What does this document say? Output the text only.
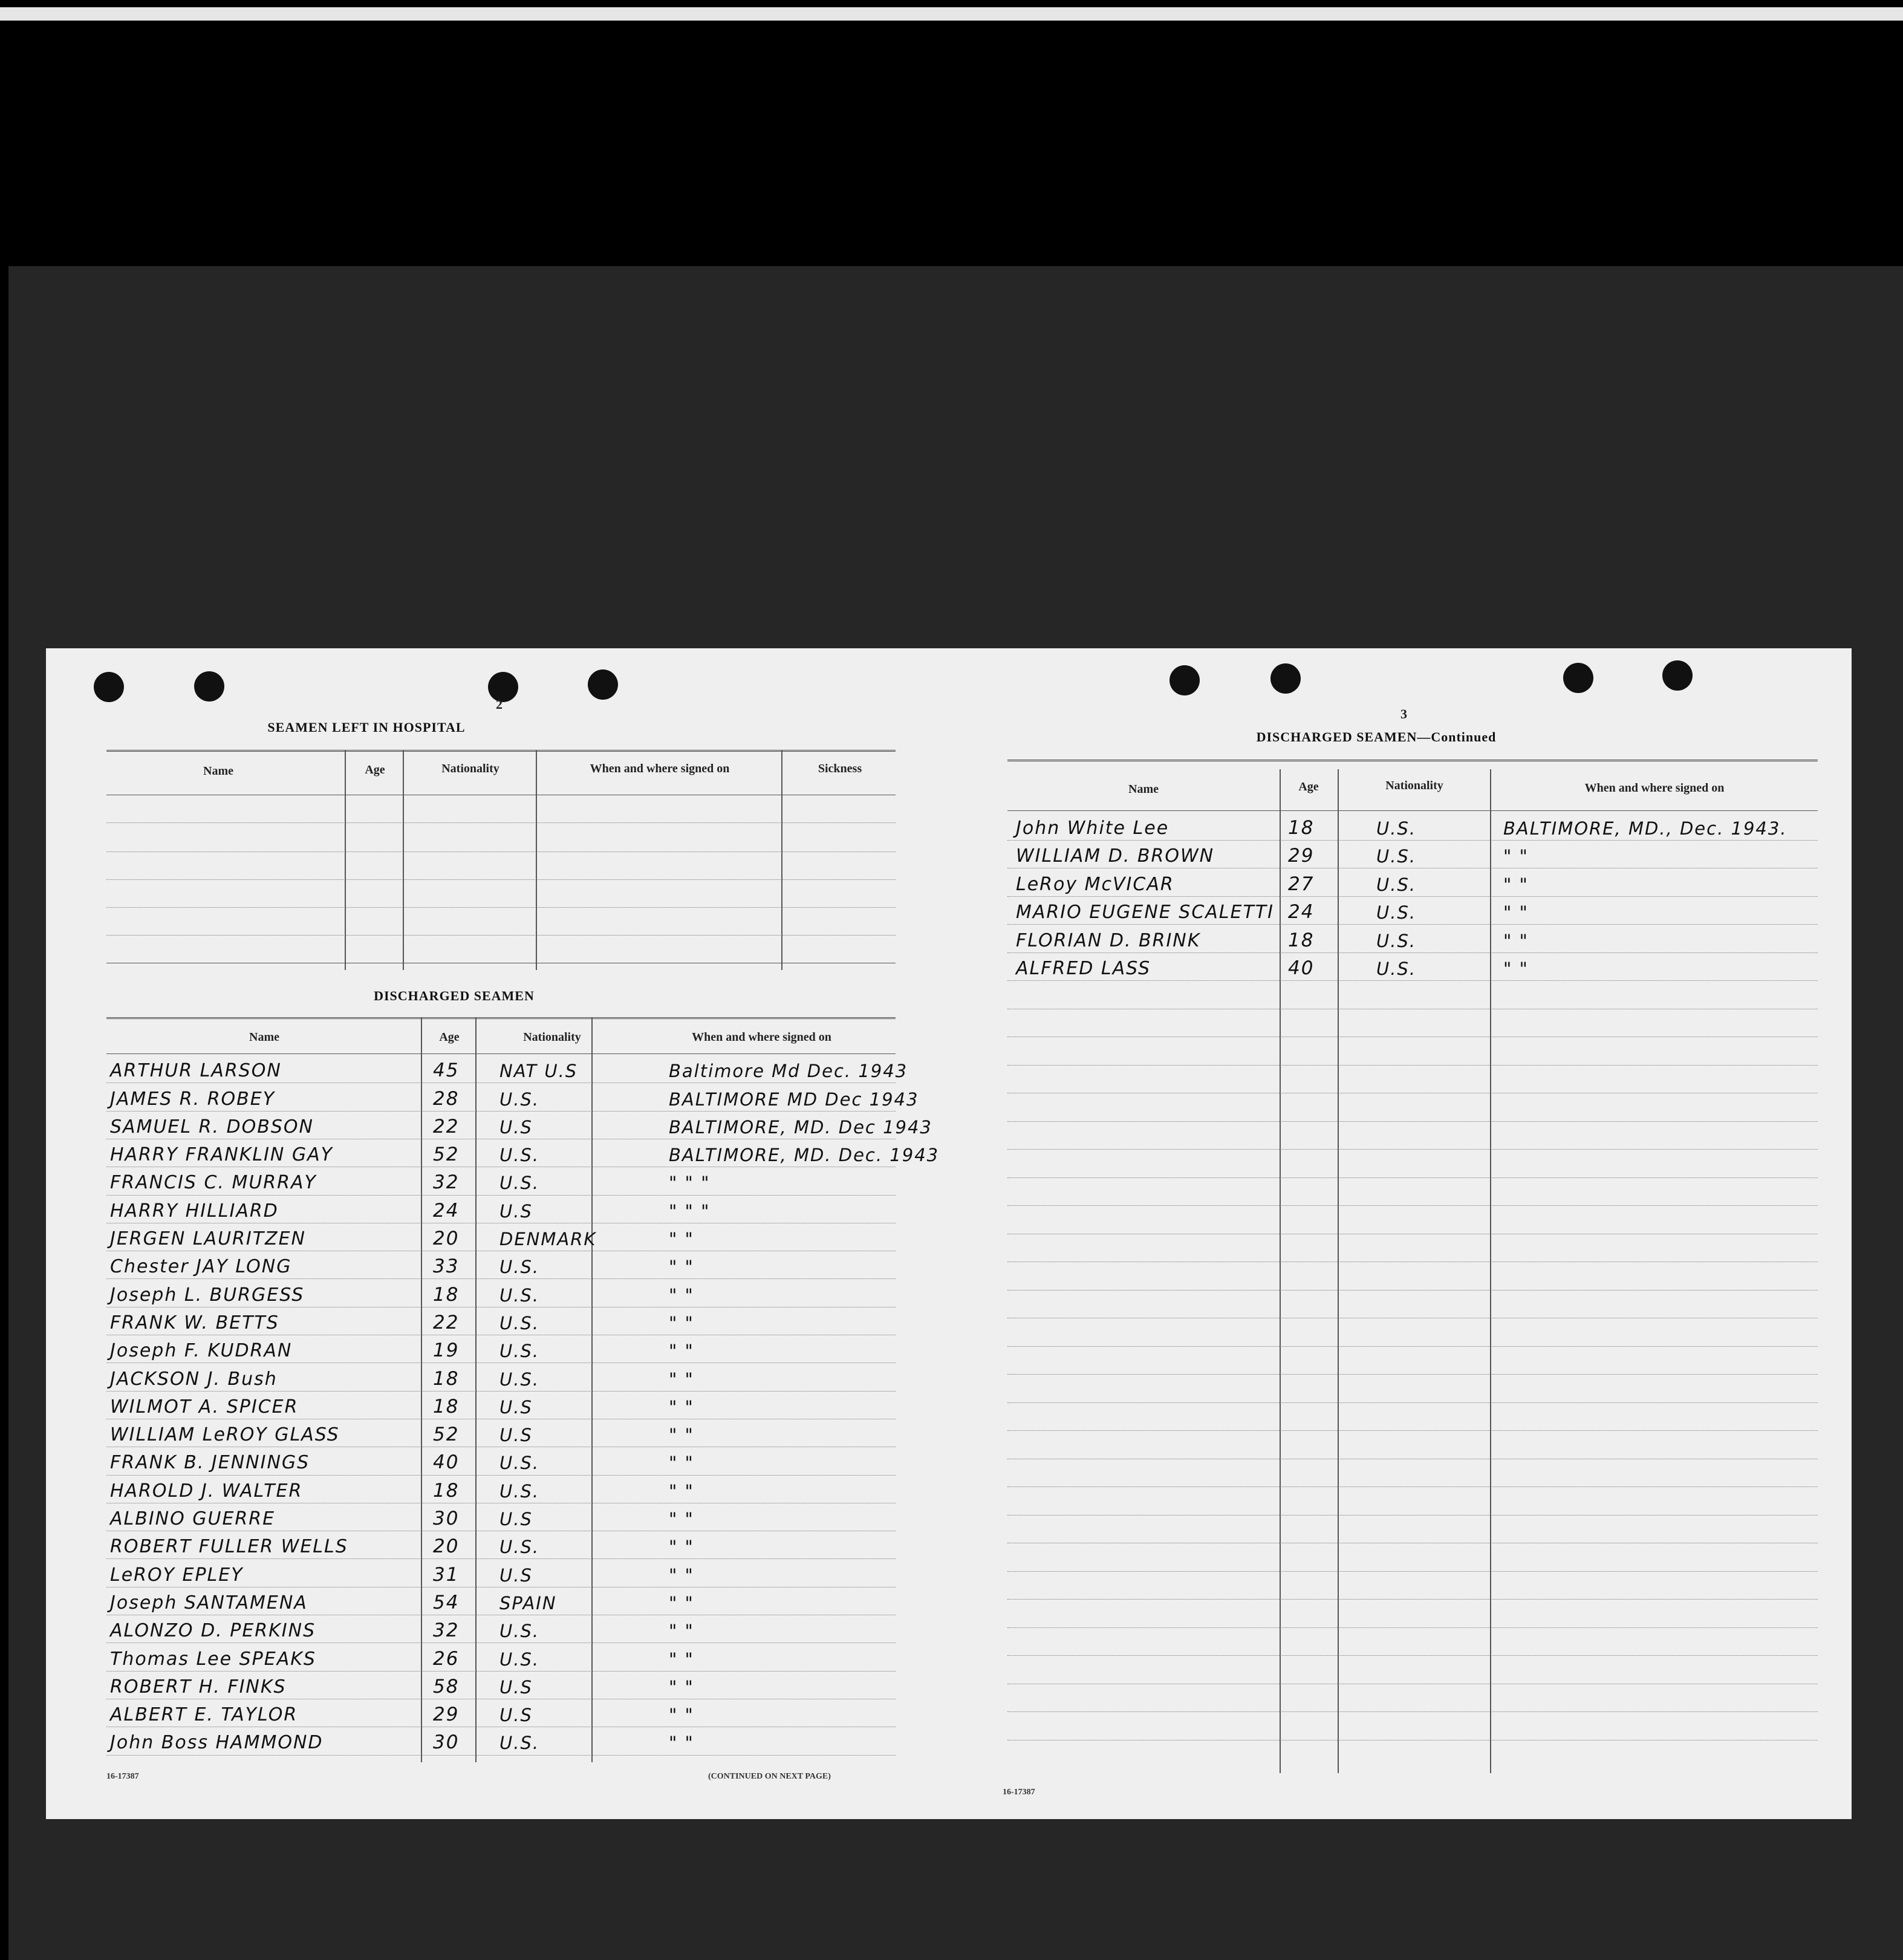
2
SEAMEN LEFT IN HOSPITAL
Name	Age	Nationality	When and where signed on	Sickness
DISCHARGED SEAMEN
Name	Age	Nationality	When and where signed on
ARTHUR LARSON	45 NAT U.S	Baltimore Md Dec. 1943
JAMES R. ROBEY	28 U.S.	BALTIMORE MD Dec 1943
SAMUEL R. DOBSON	22 U.S	BALTIMORE, MD. Dec 1943
HARRY FRANKLIN GAY	52 U.S.	BALTIMORE, MD. Dec. 1943
FRANCIS C. MURRAY	32 U.S.	" " "
HARRY HILLIARD	24 U.S	" " "
JERGEN LAURITZEN	20 DENMARK	" "
Chester JAY LONG	33 U.S.	" "
Joseph L. BURGESS	18 U.S.	" "
FRANK W. BETTS	22 U.S.	" "
Joseph F. KUDRAN	19 U.S.	" "
JACKSON J. Bush	18 U.S.	" "
WILMOT A. SPICER	18 U.S	" "
WILLIAM LeROY GLASS	52 U.S	" "
FRANK B. JENNINGS	40 U.S.	" "
HAROLD J. WALTER	18 U.S.	" "
ALBINO GUERRE	30 U.S	" "
ROBERT FULLER WELLS	20 U.S.	" "
LeROY EPLEY	31 U.S	" "
Joseph SANTAMENA	54 SPAIN	" "
ALONZO D. PERKINS	32 U.S.	" "
Thomas Lee SPEAKS	26 U.S.	" "
ROBERT H. FINKS	58 U.S	" "
ALBERT E. TAYLOR	29 U.S	" "
John Boss HAMMOND	30 U.S.	" "
16-17387	(CONTINUED ON NEXT PAGE)
3
DISCHARGED SEAMEN—Continued
Name	Age	Nationality	When and where signed on
John White Lee	18	U.S.	BALTIMORE, MD., Dec. 1943.
WILLIAM D. BROWN	29	U.S.	" "
LeRoy McVICAR	27	U.S.	" "
MARIO EUGENE SCALETTI 24	U.S.	" "
FLORIAN D. BRINK	18	U.S.	" "
ALFRED LASS	40	U.S.	" "
16-17387
